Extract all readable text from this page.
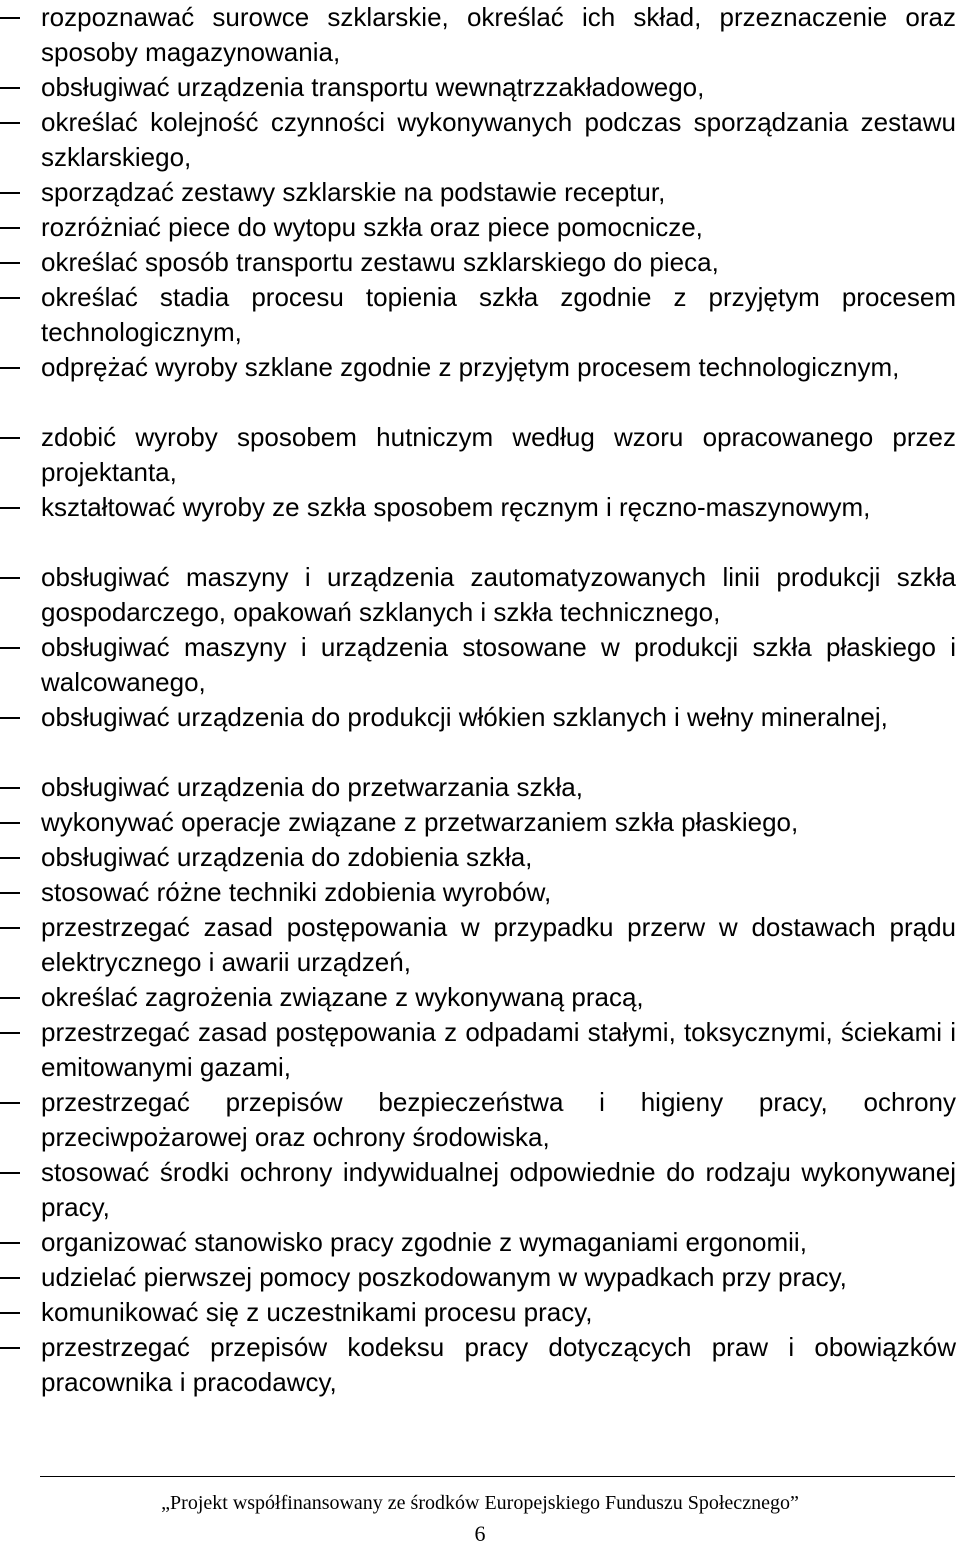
rozpoznawać surowce szklarskie, określać ich skład, przeznaczenie oraz sposoby magazynowania,
obsługiwać urządzenia transportu wewnątrzzakładowego,
określać kolejność czynności wykonywanych podczas sporządzania zestawu szklarskiego,
sporządzać zestawy szklarskie na podstawie receptur,
rozróżniać piece do wytopu szkła oraz piece pomocnicze,
określać sposób transportu zestawu szklarskiego do pieca,
określać stadia procesu topienia szkła zgodnie z przyjętym procesem technologicznym,
odprężać wyroby szklane zgodnie z przyjętym procesem technologicznym,
zdobić wyroby sposobem hutniczym według wzoru opracowanego przez projektanta,
kształtować wyroby ze szkła sposobem ręcznym i ręczno-maszynowym,
obsługiwać maszyny i urządzenia zautomatyzowanych linii produkcji szkła gospodarczego, opakowań szklanych i szkła technicznego,
obsługiwać maszyny i urządzenia stosowane w produkcji szkła płaskiego i walcowanego,
obsługiwać urządzenia do produkcji włókien szklanych i wełny mineralnej,
obsługiwać urządzenia do przetwarzania szkła,
wykonywać operacje związane z przetwarzaniem szkła płaskiego,
obsługiwać urządzenia do zdobienia szkła,
stosować różne techniki zdobienia wyrobów,
przestrzegać zasad postępowania w przypadku przerw w dostawach prądu elektrycznego i awarii urządzeń,
określać zagrożenia związane z wykonywaną pracą,
przestrzegać zasad postępowania z odpadami stałymi, toksycznymi, ściekami i emitowanymi gazami,
przestrzegać przepisów bezpieczeństwa i higieny pracy, ochrony przeciwpożarowej oraz ochrony środowiska,
stosować środki ochrony indywidualnej odpowiednie do rodzaju wykonywanej pracy,
organizować stanowisko pracy zgodnie z wymaganiami ergonomii,
udzielać pierwszej pomocy poszkodowanym w wypadkach przy pracy,
komunikować się z uczestnikami procesu pracy,
przestrzegać przepisów kodeksu pracy dotyczących praw i obowiązków pracownika i pracodawcy,
„Projekt współfinansowany ze środków Europejskiego Funduszu Społecznego”
6
